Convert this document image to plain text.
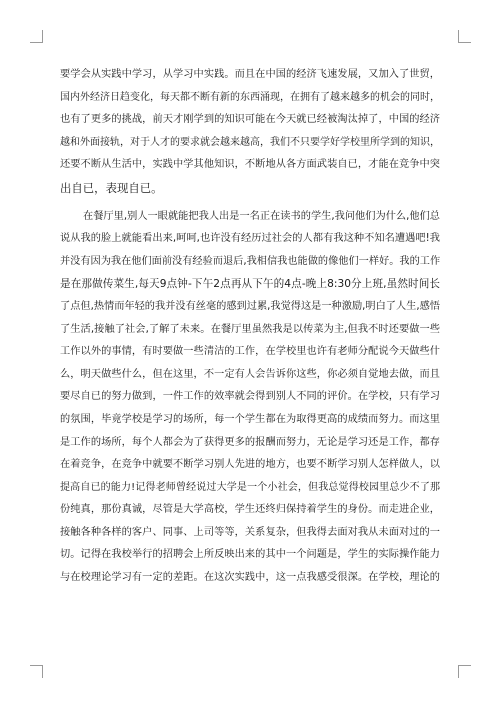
要学会从实践中学习，从学习中实践。而且在中国的经济飞速发展，又加入了世贸，
国内外经济日趋变化，每天都不断有新的东西涌现，在拥有了越来越多的机会的同时，
也有了更多的挑战，前天才刚学到的知识可能在今天就已经被淘汰掉了，中国的经济
越和外面接轨，对于人才的要求就会越来越高，我们不只要学好学校里所学到的知识，
还要不断从生活中，实践中学其他知识，不断地从各方面武装自已，才能在竞争中突
出自已，表现自已。
在餐厅里,别人一眼就能把我人出是一名正在读书的学生,我问他们为什么,他们总
说从我的脸上就能看出来,呵呵,也许没有经历过社会的人都有我这种不知名遭遇吧!我
并没有因为我在他们面前没有经验而退后,我相信我也能做的像他们一样好。我的工作
是在那做传菜生,每天9点钟-下午2点再从下午的4点-晚上8:30分上班,虽然时间长
了点但,热情而年轻的我并没有丝毫的感到过累,我觉得这是一种激励,明白了人生,感悟
了生活,接触了社会,了解了未来。在餐厅里虽然我是以传菜为主,但我不时还要做一些
工作以外的事情，有时要做一些清洁的工作，在学校里也许有老师分配说今天做些什
么，明天做些什么，但在这里，不一定有人会告诉你这些，你必须自觉地去做，而且
要尽自已的努力做到，一件工作的效率就会得到别人不同的评价。在学校，只有学习
的氛围，毕竟学校是学习的场所，每一个学生都在为取得更高的成绩而努力。而这里
是工作的场所，每个人都会为了获得更多的报酬而努力，无论是学习还是工作，都存
在着竞争，在竞争中就要不断学习别人先进的地方，也要不断学习别人怎样做人，以
提高自已的能力!记得老师曾经说过大学是一个小社会，但我总觉得校园里总少不了那
份纯真，那份真诚，尽管是大学高校，学生还终归保持着学生的身份。而走进企业，
接触各种各样的客户、同事、上司等等，关系复杂，但我得去面对我从未面对过的一
切。记得在我校举行的招聘会上所反映出来的其中一个问题是，学生的实际操作能力
与在校理论学习有一定的差距。在这次实践中，这一点我感受很深。在学校，理论的
